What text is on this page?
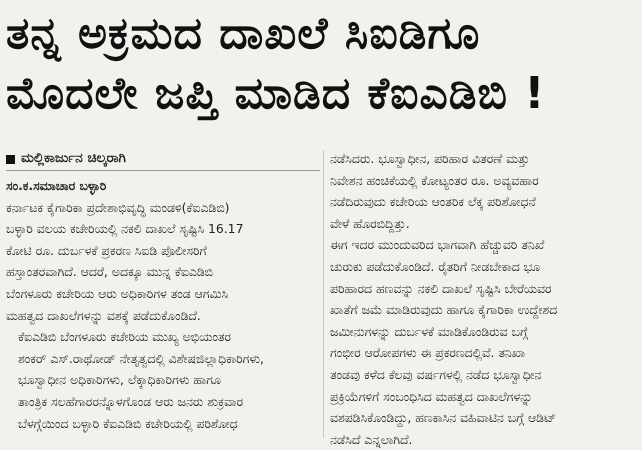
ತನ್ನ ಅಕ್ರಮದ ದಾಖಲೆ ಸಿಐಡಿಗೂ
ಮೊದಲೇ ಜಪ್ತಿ ಮಾಡಿದ ಕೆಐಎಡಿಬಿ !
ಮಲ್ಲಿಕಾರ್ಜುನ ಚಿಲ್ಕರಾಗಿ
ಸಂ.ಕ.ಸಮಾಚಾರ ಬಳ್ಳಾರಿ

ಕರ್ನಾಟಕ ಕೈಗಾರಿಕಾ ಪ್ರದೇಶಾಭಿವೃದ್ಧಿ ಮಂಡಳಿ(ಕೆಐಎಡಿಬಿ)
ಬಳ್ಳಾರಿ ವಲಯ ಕಚೇರಿಯಲ್ಲಿ ನಕಲಿ ದಾಖಲೆ ಸೃಷ್ಟಿಸಿ 16.17
ಕೋಟಿ ರೂ. ದುರ್ಬಳಕೆ ಪ್ರಕರಣ ಸಿಐಡಿ ಪೊಲೀಸರಿಗೆ
ಹಸ್ತಾಂತರವಾಗಿದೆ. ಆದರೆ, ಅದಕ್ಕೂ ಮುನ್ನ ಕೆಐಎಡಿಬಿ
ಬೆಂಗಳೂರು ಕಚೇರಿಯ ಆರು ಅಧಿಕಾರಿಗಳ ತಂಡ ಆಗಮಿಸಿ
ಮಹತ್ವದ ದಾಖಲೆಗಳನ್ನು ವಶಕ್ಕೆ ಪಡೆದುಕೊಂಡಿದೆ.

ಕೆಐಎಡಿಬಿ ಬೆಂಗಳೂರು ಕಚೇರಿಯ ಮುಖ್ಯ ಅಭಿಯಂತರ
ಶಂಕರ್ ಎಸ್.ರಾಥೋಡ್ ನೇತೃತ್ವದಲ್ಲಿ ವಿಶೇಷಜಿಲ್ಲಾಧಿಕಾರಿಗಳು,
ಭೂಸ್ವಾಧೀನ ಅಧಿಕಾರಿಗಳು, ಲೆಕ್ಕಾಧಿಕಾರಿಗಳು ಹಾಗೂ
ತಾಂತ್ರಿಕ ಸಲಹೆಗಾರರನ್ನೊಳಗೊಂಡ ಆರು ಜನರು ಶುಕ್ರವಾರ
ಬೆಳಗ್ಗೆಯಿಂದ ಬಳ್ಳಾರಿ ಕೆಐಎಡಿಬಿ ಕಚೇರಿಯಲ್ಲಿ ಪರಿಶೋಧ

ನಡೆಸಿದರು. ಭೂಸ್ವಾಧೀನ, ಪರಿಹಾರ ವಿತರಣೆ ಮತ್ತು
ನಿವೇಶನ ಹಂಚಿಕೆಯಲ್ಲಿ ಕೋಟ್ಯಂತರ ರೂ. ಅವ್ಯವಹಾರ
ನಡೆದಿರುವುದು ಕಚೇರಿಯ ಆಂತರಿಕ ಲೆಕ್ಕ ಪರಿಶೋಧನೆ
ವೇಳೆ ಹೊರಬಿದ್ದಿತ್ತು.

ಈಗ ಇದರ ಮುಂದುವರಿದ ಭಾಗವಾಗಿ ಹೆಚ್ಚುವರಿ ತನಿಖೆ
ಚುರುಕು ಪಡೆದುಕೊಂಡಿದೆ. ರೈತರಿಗೆ ನೀಡಬೇಕಾದ ಭೂ
ಪರಿಹಾರದ ಹಣವನ್ನು ನಕಲಿ ದಾಖಲೆ ಸೃಷ್ಟಿಸಿ ಬೇರೆಯವರ
ಖಾತೆಗೆ ಜಮೆ ಮಾಡಿರುವುದು ಹಾಗೂ ಕೈಗಾರಿಕಾ ಉದ್ದೇಶದ
ಜಮೀನುಗಳನ್ನು ದುರ್ಬಳಕೆ ಮಾಡಿಕೊಂಡಿರುವ ಬಗ್ಗೆ
ಗಂಭೀರ ಆರೋಪಗಳು ಈ ಪ್ರಕರಣದಲ್ಲಿವೆ. ತನಿಖಾ
ತಂಡವು ಕಳೆದ ಕೆಲವು ವರ್ಷಗಳಲ್ಲಿ ನಡೆದ ಭೂಸ್ವಾಧೀನ
ಪ್ರಕ್ರಿಯೆಗಳಿಗೆ ಸಂಬಂಧಿಸಿದ ಮಹತ್ವದ ದಾಖಲೆಗಳನ್ನು
ವಶಪಡಿಸಿಕೊಂಡಿದ್ದು, ಹಣಕಾಸಿನ ವಹಿವಾಟಿನ ಬಗ್ಗೆ ಆಡಿಟ್
ನಡೆಸಿದೆ ಎನ್ನಲಾಗಿದೆ.
